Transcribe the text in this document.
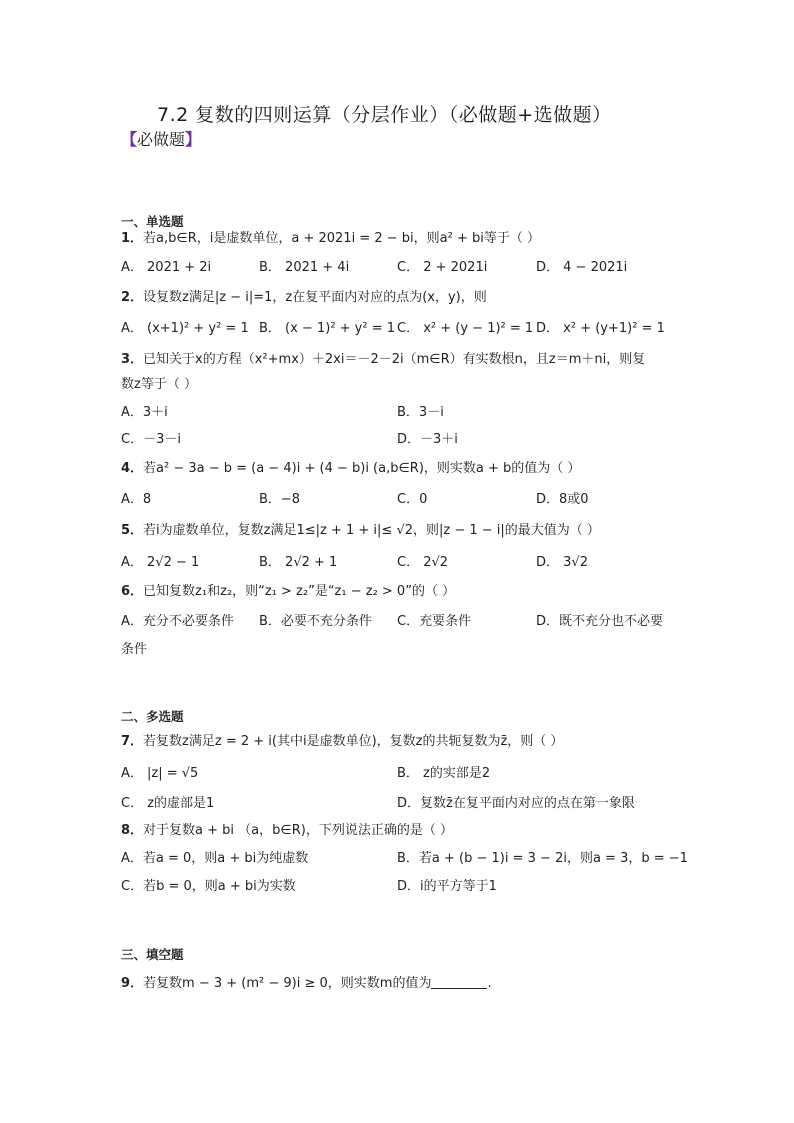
7.2 复数的四则运算（分层作业）（必做题+选做题）
【必做题】
一、单选题
1．若a,b∈R，i是虚数单位，a + 2021i = 2 − bi，则a² + bi等于（ ）
A． 2021 + 2i	B． 2021 + 4i	C． 2 + 2021i	D． 4 − 2021i
2．设复数z满足|z − i|=1，z在复平面内对应的点为(x，y)，则
A． (x+1)² + y² = 1 B． (x − 1)² + y² = 1 C． x² + (y − 1)² = 1 D． x² + (y+1)² = 1
3．已知关于x的方程（x²+mx）＋2xi＝－2－2i（m∈R）有实数根n，且z＝m＋ni，则复
数z等于（ ）
A．3＋i	B．3－i
C．－3－i	D．－3＋i
4．若a² − 3a − b = (a − 4)i + (4 − b)i (a,b∈R)，则实数a + b的值为（ ）
A．8	B．−8	C．0	D．8或0
5．若i为虚数单位，复数z满足1≤|z + 1 + i|≤ √2，则|z − 1 − i|的最大值为（ ）
A． 2√2 − 1	B． 2√2 + 1	C． 2√2	D． 3√2
6．已知复数z₁和z₂，则“z₁ > z₂”是“z₁ − z₂ > 0”的（ ）
A．充分不必要条件 B．必要不充分条件 C．充要条件	D．既不充分也不必要
条件
二、多选题
7．若复数z满足z = 2 + i(其中i是虚数单位)，复数z的共轭复数为z̄，则（ ）
A． |z| = √5	B． z的实部是2
C． z的虚部是1	D．复数z̄在复平面内对应的点在第一象限
8．对于复数a + bi （a，b∈R)，下列说法正确的是（ ）
A．若a = 0，则a + bi为纯虚数	B．若a + (b − 1)i = 3 − 2i，则a = 3，b = −1
C．若b = 0，则a + bi为实数	D．i的平方等于1
三、填空题
9．若复数m − 3 + (m² − 9)i ≥ 0，则实数m的值为	.
